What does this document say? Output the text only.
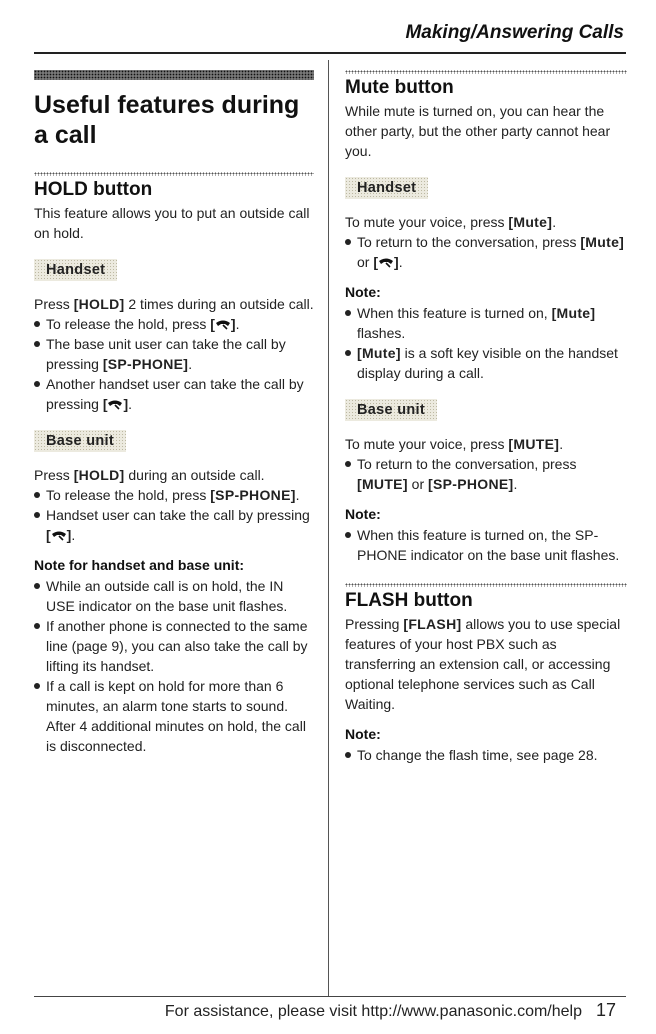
Making/Answering Calls
Useful features during a call
HOLD button

This feature allows you to put an outside call on hold.

Handset

Press [HOLD] 2 times during an outside call.

To release the hold, press [ ].
The base unit user can take the call by pressing [SP-PHONE].
Another handset user can take the call by pressing [ ].
Base unit

Press [HOLD] during an outside call.

To release the hold, press [SP-PHONE].
Handset user can take the call by pressing [ ].
Note for handset and base unit:
While an outside call is on hold, the IN USE indicator on the base unit flashes.
If another phone is connected to the same line (page 9), you can also take the call by lifting its handset.
If a call is kept on hold for more than 6 minutes, an alarm tone starts to sound. After 4 additional minutes on hold, the call is disconnected.
Mute button

While mute is turned on, you can hear the other party, but the other party cannot hear you.

Handset

To mute your voice, press [Mute].

To return to the conversation, press [Mute] or [ ].
Note:
When this feature is turned on, [Mute] flashes.
[Mute] is a soft key visible on the handset display during a call.
Base unit

To mute your voice, press [MUTE].

To return to the conversation, press [MUTE] or [SP-PHONE].
Note:
When this feature is turned on, the SP-PHONE indicator on the base unit flashes.
FLASH button

Pressing [FLASH] allows you to use special features of your host PBX such as transferring an extension call, or accessing optional telephone services such as Call Waiting.

Note:
To change the flash time, see page 28.
For assistance, please visit http://www.panasonic.com/help 17
